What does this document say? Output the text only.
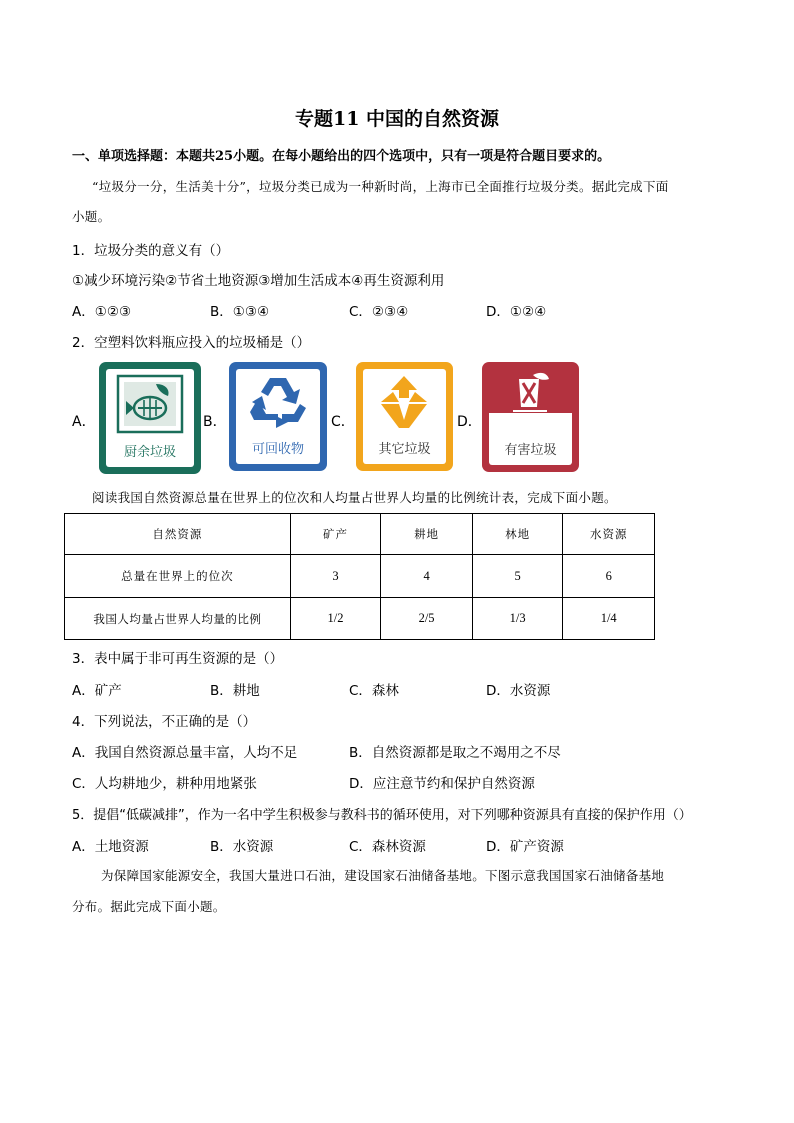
专题11 中国的自然资源
一、单项选择题：本题共25小题。在每小题给出的四个选项中，只有一项是符合题目要求的。
“垃圾分一分，生活美十分”，垃圾分类已成为一种新时尚，上海市已全面推行垃圾分类。据此完成下面
小题。
1．垃圾分类的意义有（）
①减少环境污染②节省土地资源③增加生活成本④再生资源利用
A．①②③	B．①③④	C．②③④	D．①②④
2．空塑料饮料瓶应投入的垃圾桶是（）
A．	B．	C．	D．
厨余垃圾	可回收物	其它垃圾	有害垃圾
阅读我国自然资源总量在世界上的位次和人均量占世界人均量的比例统计表，完成下面小题。
自然资源	矿产	耕地	林地	水资源
总量在世界上的位次	3	4	5	6
我国人均量占世界人均量的比例	1/2	2/5	1/3	1/4
3．表中属于非可再生资源的是（）
A．矿产	B．耕地	C．森林	D．水资源
4．下列说法，不正确的是（）
A．我国自然资源总量丰富，人均不足	B．自然资源都是取之不竭用之不尽
C．人均耕地少，耕种用地紧张	D．应注意节约和保护自然资源
5．提倡“低碳减排”，作为一名中学生积极参与教科书的循环使用，对下列哪种资源具有直接的保护作用（）
A．土地资源	B．水资源	C．森林资源	D．矿产资源
为保障国家能源安全，我国大量进口石油，建设国家石油储备基地。下图示意我国国家石油储备基地
分布。据此完成下面小题。
